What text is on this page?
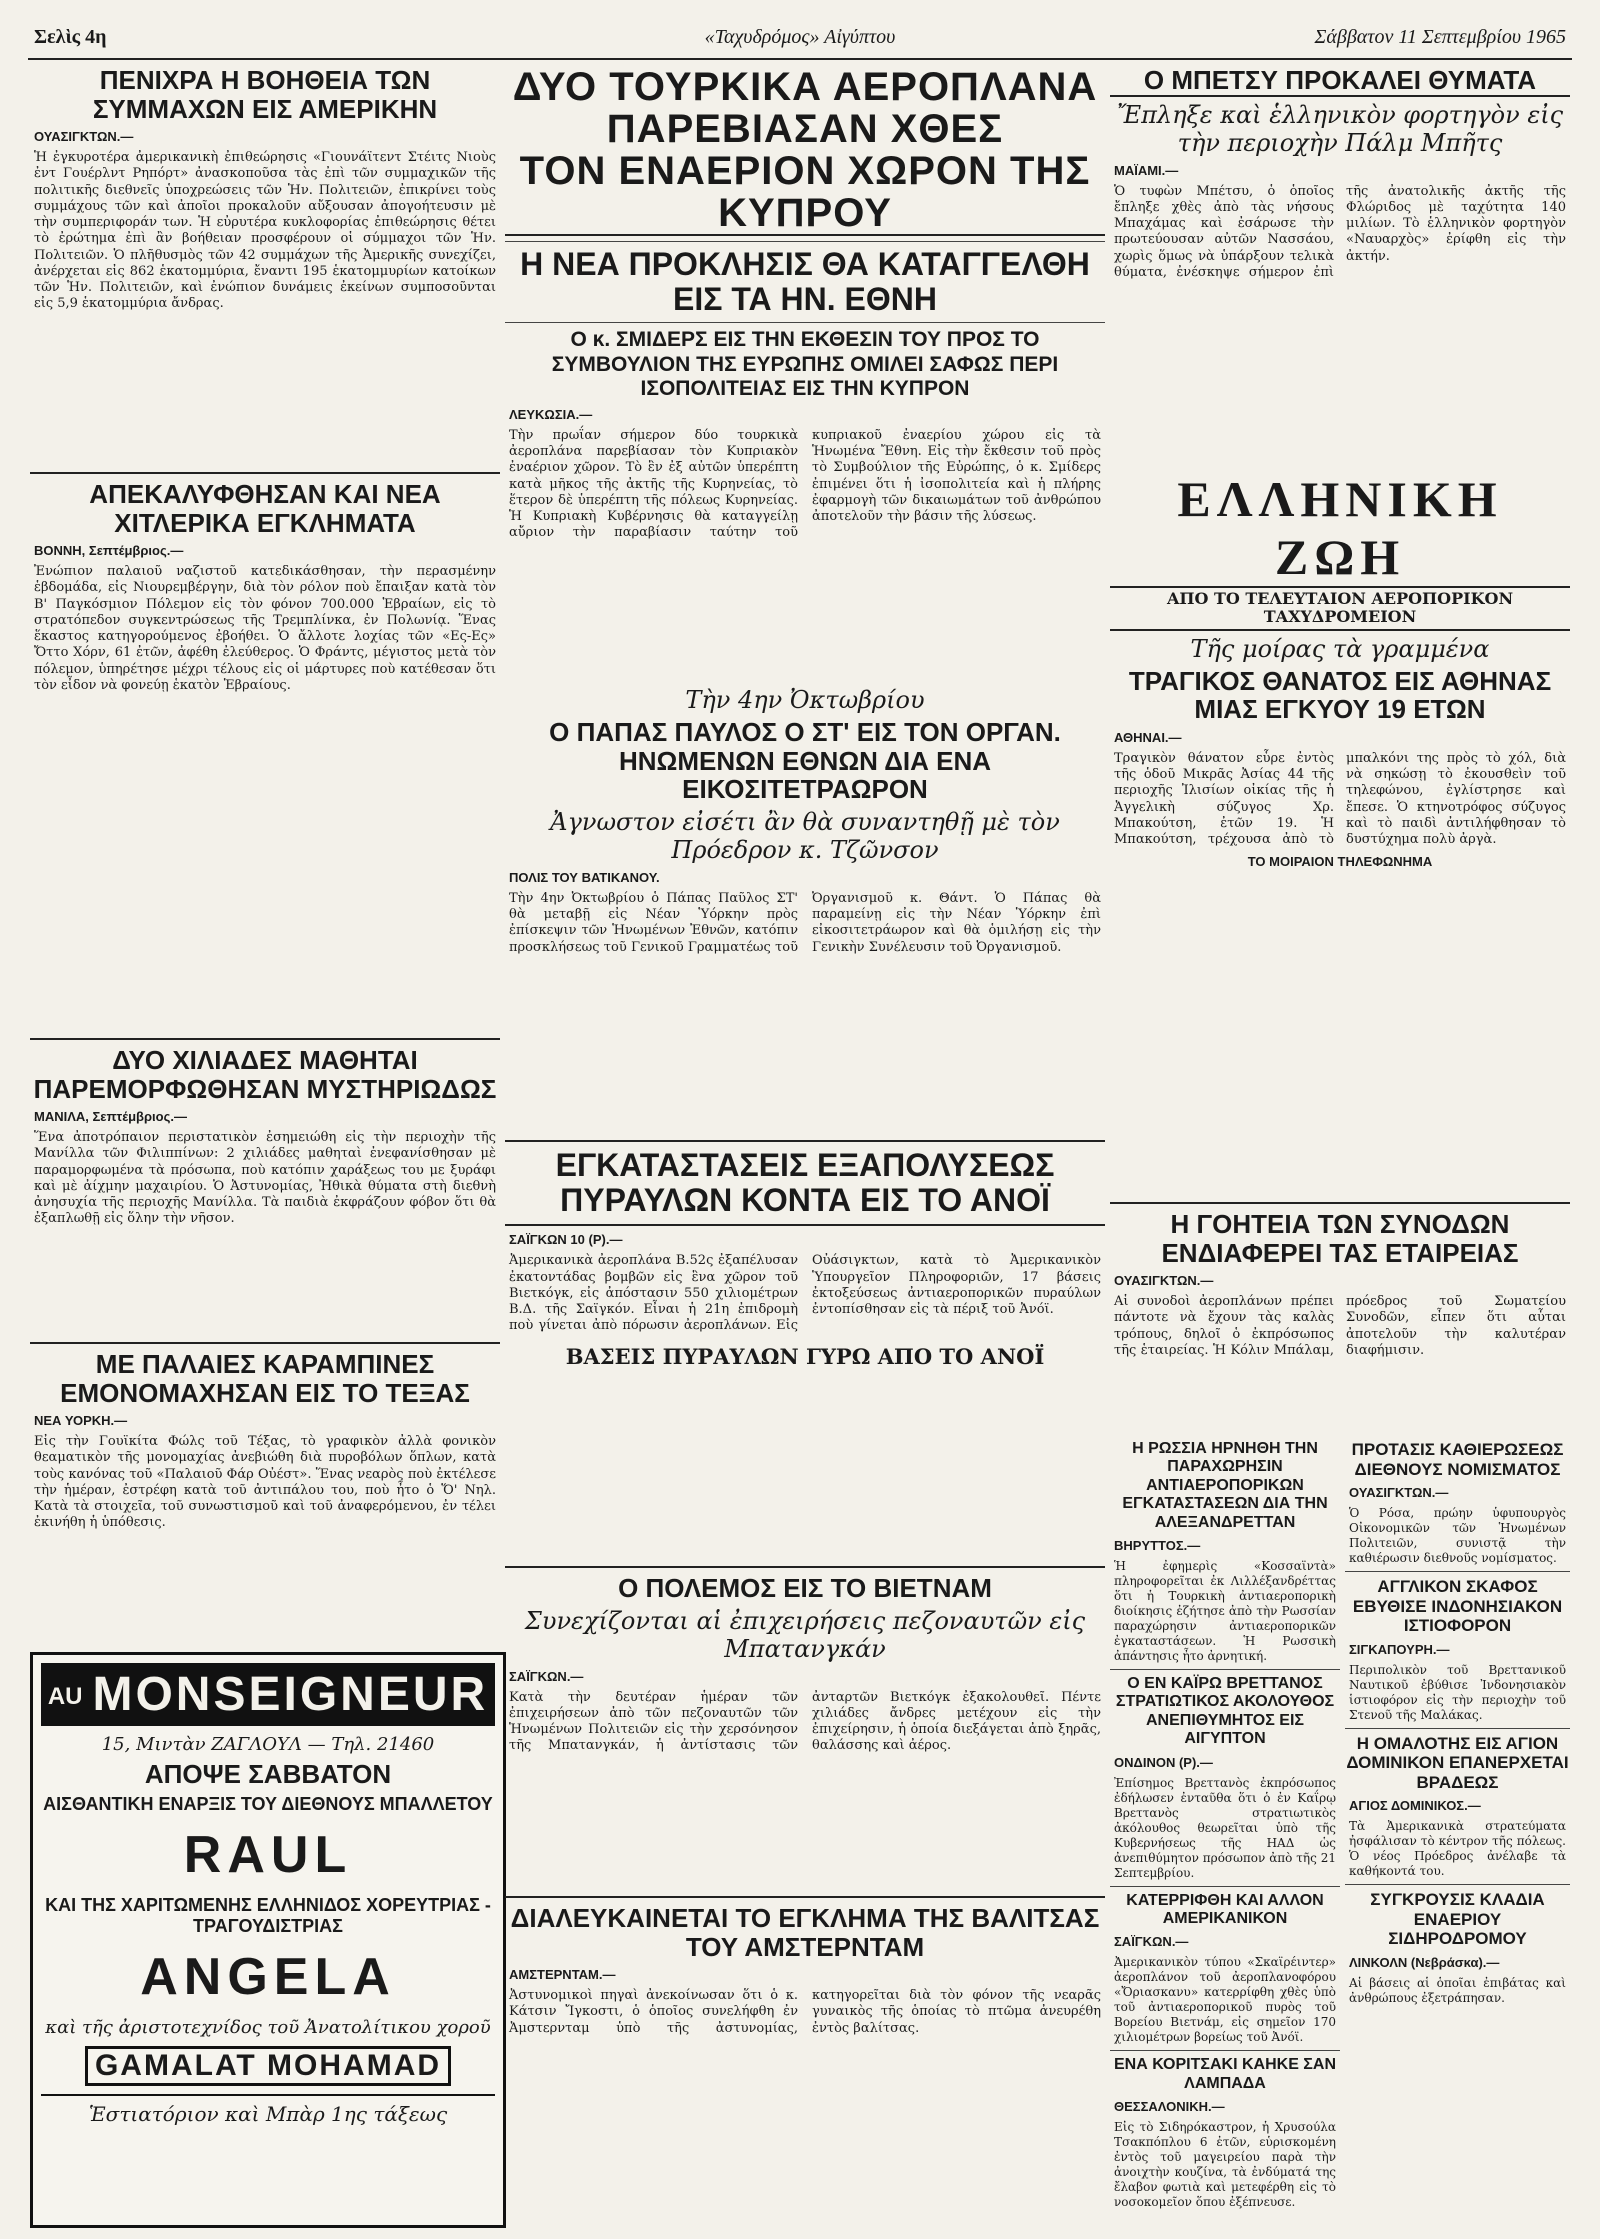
Σελὶς 4η	«Ταχυδρόμος» Αἰγύπτου	Σάββατον 11 Σεπτεμβρίου 1965
ΠΕΝΙΧΡΑ Η ΒΟΗΘΕΙΑ ΤΩΝ ΣΥΜΜΑΧΩΝ ΕΙΣ ΑΜΕΡΙΚΗΝ
ΟΥΑΣΙΓΚΤΩΝ.—
Ἡ ἐγκυροτέρα ἀμερικανικὴ ἐπιθεώρησις «Γιουνάϊτεντ Στέιτς Νιοὺς ἐντ Γουέρλντ Ρηπόρτ» ἀνασκοποῦσα τὰς ἐπὶ τῶν συμμαχικῶν τῆς πολιτικῆς διεθνεῖς ὑποχρεώσεις τῶν Ἡν. Πολιτειῶν, ἐπικρίνει τοὺς συμμάχους τῶν καὶ ἀποῖοι προκαλοῦν αὔξουσαν ἀπογοήτευσιν μὲ τὴν συμπεριφοράν των. Ἡ εὐρυτέρα κυκλοφορίας ἐπιθεώρησις θέτει τὸ ἐρώτημα ἐπὶ ἂν βοήθειαν προσφέρουν οἱ σύμμαχοι τῶν Ἡν. Πολιτειῶν. Ὁ πλῆθυσμὸς τῶν 42 συμμάχων τῆς Ἀμερικῆς συνεχίζει, ἀνέρχεται εἰς 862 ἑκατομμύρια, ἔναντι 195 ἑκατομμυρίων κατοίκων τῶν Ἡν. Πολιτειῶν, καὶ ἐνώπιον δυνάμεις ἐκείνων συμποσοῦνται εἰς 5,9 ἑκατομμύρια ἄνδρας.
ΑΠΕΚΑΛΥΦΘΗΣΑΝ ΚΑΙ ΝΕΑ ΧΙΤΛΕΡΙΚΑ ΕΓΚΛΗΜΑΤΑ
ΒΟΝΝΗ, Σεπτέμβριος.—
Ἐνώπιον παλαιοῦ ναζιστοῦ κατεδικάσθησαν, τὴν περασμένην ἑβδομάδα, εἰς Νιουρεμβέργην, διὰ τὸν ρόλον ποὺ ἔπαιξαν κατὰ τὸν Β' Παγκόσμιον Πόλεμον εἰς τὸν φόνον 700.000 Ἑβραίων, εἰς τὸ στρατόπεδον συγκεντρώσεως τῆς Τρεμπλίνκα, ἐν Πολωνίᾳ. Ἕνας ἕκαστος κατηγορούμενος ἐβοήθει. Ὁ ἄλλοτε λοχίας τῶν «Ες-Ες» Ὄττο Χόρν, 61 ἐτῶν, ἀφέθη ἐλεύθερος. Ὁ Φράντς, μέγιστος μετὰ τὸν πόλεμον, ὑπηρέτησε μέχρι τέλους εἰς οἱ μάρτυρες ποὺ κατέθεσαν ὅτι τὸν εἶδον νὰ φονεύῃ ἑκατὸν Ἑβραίους.
ΔΥΟ ΧΙΛΙΑΔΕΣ ΜΑΘΗΤΑΙ ΠΑΡΕΜΟΡΦΩΘΗΣΑΝ ΜΥΣΤΗΡΙΩΔΩΣ
ΜΑΝΙΛΑ, Σεπτέμβριος.—
Ἕνα ἀποτρόπαιον περιστατικὸν ἐσημειώθη εἰς τὴν περιοχὴν τῆς Μανίλλα τῶν Φιλιππίνων: 2 χιλιάδες μαθηταὶ ἐνεφανίσθησαν μὲ παραμορφωμένα τὰ πρόσωπα, ποὺ κατόπιν χαράξεως του με ξυράφι καὶ μὲ ἀίχμην μαχαιρίου. Ὁ Ἀστυνομίας, Ἠθικὰ θύματα στὴ διεθνὴ ἀνησυχία τῆς περιοχῆς Μανίλλα. Τὰ παιδιὰ ἐκφράζουν φόβον ὅτι θὰ ἐξαπλωθῇ εἰς ὅλην τὴν νῆσον.
ΜΕ ΠΑΛΑΙΕΣ ΚΑΡΑΜΠΙΝΕΣ ΕΜΟΝΟΜΑΧΗΣΑΝ ΕΙΣ ΤΟ ΤΕΞΑΣ
ΝΕΑ ΥΟΡΚΗ.—
Εἰς τὴν Γουϊκίτα Φώλς τοῦ Τέξας, τὸ γραφικὸν ἀλλὰ φονικὸν θεαματικὸν τῆς μονομαχίας ἀνεβιώθη διὰ πυροβόλων ὅπλων, κατὰ τοὺς κανόνας τοῦ «Παλαιοῦ Φάρ Οὐέστ». Ἕνας νεαρὸς ποὺ ἐκτέλεσε τὴν ἡμέραν, ἐστρέφη κατὰ τοῦ ἀντιπάλου του, ποὺ ἦτο ὁ Ὅ' Νηλ. Κατὰ τὰ στοιχεῖα, τοῦ συνωστισμοῦ καὶ τοῦ ἀναφερόμενου, ἐν τέλει ἐκινήθη ἡ ὑπόθεσις.
AU MONSEIGNEUR
15, Μιντὰν ΖΑΓΛΟΥΛ — Τηλ. 21460
ΑΠΟΨΕ ΣΑΒΒΑΤΟΝ
ΑΙΣΘΑΝΤΙΚΗ ΕΝΑΡΞΙΣ ΤΟΥ ΔΙΕΘΝΟΥΣ ΜΠΑΛΛΕΤΟΥ
RAUL
ΚΑΙ ΤΗΣ ΧΑΡΙΤΩΜΕΝΗΣ ΕΛΛΗΝΙΔΟΣ ΧΟΡΕΥΤΡΙΑΣ - ΤΡΑΓΟΥΔΙΣΤΡΙΑΣ
ANGELA
καὶ τῆς ἀριστοτεχνίδος τοῦ Ἀνατολίτικου χοροῦ
GAMALAT MOHAMAD
Ἑστιατόριον καὶ Μπὰρ 1ης τάξεως
ΔΥΟ ΤΟΥΡΚΙΚΑ ΑΕΡΟΠΛΑΝΑ ΠΑΡΕΒΙΑΣΑΝ ΧΘΕΣ
ΤΟΝ ΕΝΑΕΡΙΟΝ ΧΩΡΟΝ ΤΗΣ ΚΥΠΡΟΥ
Η ΝΕΑ ΠΡΟΚΛΗΣΙΣ ΘΑ ΚΑΤΑΓΓΕΛΘΗ ΕΙΣ ΤΑ ΗΝ. ΕΘΝΗ
Ο κ. ΣΜΙΔΕΡΣ ΕΙΣ ΤΗΝ ΕΚΘΕΣΙΝ ΤΟΥ ΠΡΟΣ ΤΟ ΣΥΜΒΟΥΛΙΟΝ ΤΗΣ ΕΥΡΩΠΗΣ ΟΜΙΛΕΙ ΣΑΦΩΣ ΠΕΡΙ ΙΣΟΠΟΛΙΤΕΙΑΣ ΕΙΣ ΤΗΝ ΚΥΠΡΟΝ
ΛΕΥΚΩΣΙΑ.—
Τὴν πρωΐαν σήμερον δύο τουρκικὰ ἀεροπλάνα παρεβίασαν τὸν Κυπριακὸν ἐναέριον χῶρον. Τὸ ἓν ἐξ αὐτῶν ὑπερέπτη κατὰ μῆκος τῆς ἀκτῆς τῆς Κυρηνείας, τὸ ἕτερον δὲ ὑπερέπτη τῆς πόλεως Κυρηνείας. Ἡ Κυπριακὴ Κυβέρνησις θὰ καταγγείλῃ αὔριον τὴν παραβίασιν ταύτην τοῦ κυπριακοῦ ἐναερίου χώρου εἰς τὰ Ἡνωμένα Ἔθνη. Εἰς τὴν ἔκθεσιν τοῦ πρὸς τὸ Συμβούλιον τῆς Εὐρώπης, ὁ κ. Σμίδερς ἐπιμένει ὅτι ἡ ἰσοπολιτεία καὶ ἡ πλήρης ἐφαρμογὴ τῶν δικαιωμάτων τοῦ ἀνθρώπου ἀποτελοῦν τὴν βάσιν τῆς λύσεως.
Τὴν 4ην Ὀκτωβρίου
Ο ΠΑΠΑΣ ΠΑΥΛΟΣ Ο ΣΤ' ΕΙΣ ΤΟΝ ΟΡΓΑΝ. ΗΝΩΜΕΝΩΝ ΕΘΝΩΝ ΔΙΑ ΕΝΑ ΕΙΚΟΣΙΤΕΤΡΑΩΡΟΝ
Ἀγνωστον εἰσέτι ἂν θὰ συναντηθῇ μὲ τὸν Πρόεδρον κ. Τζῶνσον
ΠΟΛΙΣ ΤΟΥ ΒΑΤΙΚΑΝΟΥ.
Τὴν 4ην Ὀκτωβρίου ὁ Πάπας Παῦλος ΣΤ' θὰ μεταβῇ εἰς Νέαν Ὑόρκην πρὸς ἐπίσκεψιν τῶν Ἡνωμένων Ἐθνῶν, κατόπιν προσκλήσεως τοῦ Γενικοῦ Γραμματέως τοῦ Ὀργανισμοῦ κ. Θάντ. Ὁ Πάπας θὰ παραμείνῃ εἰς τὴν Νέαν Ὑόρκην ἐπὶ εἰκοσιτετράωρον καὶ θὰ ὁμιλήσῃ εἰς τὴν Γενικὴν Συνέλευσιν τοῦ Ὀργανισμοῦ.
ΕΓΚΑΤΑΣΤΑΣΕΙΣ ΕΞΑΠΟΛΥΣΕΩΣ ΠΥΡΑΥΛΩΝ ΚΟΝΤΑ ΕΙΣ ΤΟ ΑΝΟΪ
ΣΑΪΓΚΩΝ 10 (Ρ).—
Ἀμερικανικὰ ἀεροπλάνα Β.52ς ἐξαπέλυσαν ἐκατοντάδας βομβῶν εἰς ἓνα χῶρον τοῦ Βιετκόγκ, εἰς ἀπόστασιν 550 χιλιομέτρων Β.Δ. τῆς Σαϊγκόν. Εἶναι ἡ 21η ἐπιδρομὴ ποὺ γίνεται ἀπὸ πόρωσιν ἀεροπλάνων. Εἰς Οὐάσιγκτων, κατὰ τὸ Ἀμερικανικὸν Ὑπουργεῖον Πληροφοριῶν, 17 βάσεις ἐκτοξεύσεως ἀντιαεροπορικῶν πυραύλων ἐντοπίσθησαν εἰς τὰ πέριξ τοῦ Ἀνόϊ.
ΒΑΣΕΙΣ ΠΥΡΑΥΛΩΝ ΓΥΡΩ ΑΠΟ ΤΟ ΑΝΟΪ
Ο ΠΟΛΕΜΟΣ ΕΙΣ ΤΟ ΒΙΕΤΝΑΜ
Συνεχίζονται αἱ ἐπιχειρήσεις πεζοναυτῶν εἰς Μπατανγκάν
ΣΑΪΓΚΩΝ.—
Κατὰ τὴν δευτέραν ἡμέραν τῶν ἐπιχειρήσεων ἀπὸ τῶν πεζοναυτῶν τῶν Ἡνωμένων Πολιτειῶν εἰς τὴν χερσόνησον τῆς Μπατανγκάν, ἡ ἀντίστασις τῶν ἀνταρτῶν Βιετκόγκ ἐξακολουθεῖ. Πέντε χιλιάδες ἄνδρες μετέχουν εἰς τὴν ἐπιχείρησιν, ἡ ὁποία διεξάγεται ἀπὸ ξηρᾶς, θαλάσσης καὶ ἀέρος.
ΔΙΑΛΕΥΚΑΙΝΕΤΑΙ ΤΟ ΕΓΚΛΗΜΑ ΤΗΣ ΒΑΛΙΤΣΑΣ ΤΟΥ ΑΜΣΤΕΡΝΤΑΜ
ΑΜΣΤΕΡΝΤΑΜ.—
Ἀστυνομικοὶ πηγαὶ ἀνεκοίνωσαν ὅτι ὁ κ. Κάτσιν Ἴγκοστι, ὁ ὁποῖος συνελήφθη ἐν Ἀμστερνταμ ὑπὸ τῆς ἀστυνομίας, κατηγορεῖται διὰ τὸν φόνον τῆς νεαρᾶς γυναικὸς τῆς ὁποίας τὸ πτῶμα ἀνευρέθη ἐντὸς βαλίτσας.
Ο ΜΠΕΤΣΥ ΠΡΟΚΑΛΕΙ ΘΥΜΑΤΑ
Ἔπληξε καὶ ἑλληνικὸν φορτηγὸν εἰς τὴν περιοχὴν Πάλμ Μπῆτς
ΜΑΪΑΜΙ.—
Ὁ τυφὼν Μπέτσυ, ὁ ὁποῖος ἔπληξε χθὲς ἀπὸ τὰς νήσους Μπαχάμας καὶ ἐσάρωσε τὴν πρωτεύουσαν αὐτῶν Νασσάου, χωρὶς ὅμως νὰ ὑπάρξουν τελικὰ θύματα, ἐνέσκηψε σήμερον ἐπὶ τῆς ἀνατολικῆς ἀκτῆς τῆς Φλώριδος μὲ ταχύτητα 140 μιλίων. Τὸ ἑλληνικὸν φορτηγὸν «Ναυαρχὸς» ἐρίφθη εἰς τὴν ἀκτήν.
ΕΛΛΗΝΙΚΗ ΖΩΗ
ΑΠΟ ΤΟ ΤΕΛΕΥΤΑΙΟΝ ΑΕΡΟΠΟΡΙΚΟΝ ΤΑΧΥΔΡΟΜΕΙΟΝ
Τῆς μοίρας τὰ γραμμένα
ΤΡΑΓΙΚΟΣ ΘΑΝΑΤΟΣ ΕΙΣ ΑΘΗΝΑΣ ΜΙΑΣ ΕΓΚΥΟΥ 19 ΕΤΩΝ
ΑΘΗΝΑΙ.—
Τραγικὸν θάνατον εὗρε ἐντὸς τῆς ὁδοῦ Μικρᾶς Ἀσίας 44 τῆς περιοχῆς Ἰλισίων οἰκίας τῆς ἡ Ἀγγελικὴ σύζυγος Χρ. Μπακούτση, ἐτῶν 19. Ἡ Μπακούτση, τρέχουσα ἀπὸ τὸ μπαλκόνι της πρὸς τὸ χόλ, διὰ νὰ σηκώσῃ τὸ ἐκουσθεὶν τοῦ τηλεφώνου, ἐγλίστρησε καὶ ἔπεσε. Ὁ κτηνοτρόφος σύζυγος καὶ τὸ παιδὶ ἀντιλήφθησαν τὸ δυστύχημα πολὺ ἀργὰ.
ΤΟ ΜΟΙΡΑΙΟΝ ΤΗΛΕΦΩΝΗΜΑ
Η ΓΟΗΤΕΙΑ ΤΩΝ ΣΥΝΟΔΩΝ ΕΝΔΙΑΦΕΡΕΙ ΤΑΣ ΕΤΑΙΡΕΙΑΣ
ΟΥΑΣΙΓΚΤΩΝ.—
Αἱ συνοδοὶ ἀεροπλάνων πρέπει πάντοτε νὰ ἔχουν τὰς καλὰς τρόπους, δηλοῖ ὁ ἐκπρόσωπος τῆς ἑταιρείας. Ἡ Κόλιν Μπάλαμ, πρόεδρος τοῦ Σωματείου Συνοδῶν, εἶπεν ὅτι αὗται ἀποτελοῦν τὴν καλυτέραν διαφήμισιν.
ΠΡΟΤΑΣΙΣ ΚΑΘΙΕΡΩΣΕΩΣ ΔΙΕΘΝΟΥΣ ΝΟΜΙΣΜΑΤΟΣ
ΟΥΑΣΙΓΚΤΩΝ.—
Ὁ Ρόσα, πρώην ὑφυπουργὸς Οἰκονομικῶν τῶν Ἡνωμένων Πολιτειῶν, συνιστᾷ τὴν καθιέρωσιν διεθνοῦς νομίσματος.
ΑΓΓΛΙΚΟΝ ΣΚΑΦΟΣ ΕΒΥΘΙΣΕ ΙΝΔΟΝΗΣΙΑΚΟΝ ΙΣΤΙΟΦΟΡΟΝ
ΣΙΓΚΑΠΟΥΡΗ.—
Περιπολικὸν τοῦ Βρεττανικοῦ Ναυτικοῦ ἐβύθισε Ἰνδονησιακὸν ἱστιοφόρον εἰς τὴν περιοχὴν τοῦ Στενοῦ τῆς Μαλάκας.
Η ΟΜΑΛΟΤΗΣ ΕΙΣ ΑΓΙΟΝ ΔΟΜΙΝΙΚΟΝ ΕΠΑΝΕΡΧΕΤΑΙ ΒΡΑΔΕΩΣ
ΑΓΙΟΣ ΔΟΜΙΝΙΚΟΣ.—
Τὰ Ἀμερικανικὰ στρατεύματα ἠσφάλισαν τὸ κέντρον τῆς πόλεως. Ὁ νέος Πρόεδρος ἀνέλαβε τὰ καθήκοντά του.
ΣΥΓΚΡΟΥΣΙΣ ΚΛΑΔΙΑ ΕΝΑΕΡΙΟΥ ΣΙΔΗΡΟΔΡΟΜΟΥ
ΛΙΝΚΟΛΝ (Νεβράσκα).—
Αἱ βάσεις αἱ ὁποῖαι ἐπιβάτας καὶ ἀνθρώπους ἐξετράπησαν.
Η ΡΩΣΣΙΑ ΗΡΝΗΘΗ ΤΗΝ ΠΑΡΑΧΩΡΗΣΙΝ ΑΝΤΙΑΕΡΟΠΟΡΙΚΩΝ ΕΓΚΑΤΑΣΤΑΣΕΩΝ ΔΙΑ ΤΗΝ ΑΛΕΞΑΝΔΡΕΤΤΑΝ
ΒΗΡΥΤΤΟΣ.—
Ἡ ἐφημερὶς «Κοσσαϊντὰ» πληροφορεῖται ἐκ Λιλλέξανδρέττας ὅτι ἡ Τουρκικὴ ἀντιαεροπορικὴ διοίκησις ἐζήτησε ἀπὸ τὴν Ρωσσίαν παραχώρησιν ἀντιαεροπορικῶν ἐγκαταστάσεων. Ἡ Ρωσσικὴ ἀπάντησις ἦτο ἀρνητική.
Ο ΕΝ ΚΑΪΡΩ ΒΡΕΤΤΑΝΟΣ ΣΤΡΑΤΙΩΤΙΚΟΣ ΑΚΟΛΟΥΘΟΣ ΑΝΕΠΙΘΥΜΗΤΟΣ ΕΙΣ ΑΙΓΥΠΤΟΝ
ΟΝΔΙΝΟΝ (Ρ).—
Ἐπίσημος Βρεττανὸς ἐκπρόσωπος ἐδήλωσεν ἐνταῦθα ὅτι ὁ ἐν Καΐρῳ Βρεττανὸς στρατιωτικὸς ἀκόλουθος θεωρεῖται ὑπὸ τῆς Κυβερνήσεως τῆς ΗΑΔ ὡς ἀνεπιθύμητον πρόσωπον ἀπὸ τῆς 21 Σεπτεμβρίου.
ΚΑΤΕΡΡΙΦΘΗ ΚΑΙ ΑΛΛΟΝ ΑΜΕΡΙΚΑΝΙΚΟΝ
ΣΑΪΓΚΩΝ.—
Ἀμερικανικὸν τύπου «Σκαϊρέιντερ» ἀεροπλάνον τοῦ ἀεροπλανοφόρου «Ὄριασκανυ» κατερρίφθη χθὲς ὑπὸ τοῦ ἀντιαεροπορικοῦ πυρὸς τοῦ Βορείου Βιετνάμ, εἰς σημεῖον 170 χιλιομέτρων βορείως τοῦ Ἀνόϊ.
ΕΝΑ ΚΟΡΙΤΣΑΚΙ ΚΑΗΚΕ ΣΑΝ ΛΑΜΠΑΔΑ
ΘΕΣΣΑΛΟΝΙΚΗ.—
Εἰς τὸ Σιδηρόκαστρον, ἡ Χρυσούλα Τσακπόπλου 6 ἐτῶν, εὑρισκομένη ἐντὸς τοῦ μαγειρείου παρὰ τὴν ἀνοιχτὴν κουζίνα, τὰ ἐνδύματά της ἔλαβον φωτιὰ καὶ μετεφέρθη εἰς τὸ νοσοκομεῖον ὅπου ἐξέπνευσε.
